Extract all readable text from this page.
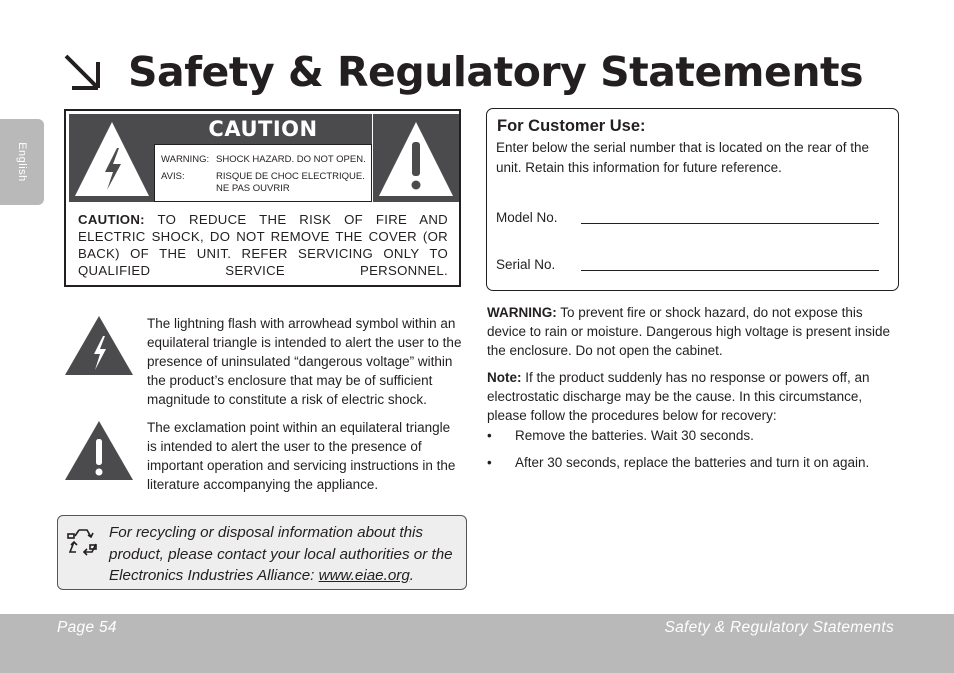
Safety & Regulatory Statements
English
CAUTION
WARNING: SHOCK HAZARD. DO NOT OPEN.
AVIS:	RISQUE DE CHOC ELECTRIQUE.
NE PAS OUVRIR
CAUTION: TO REDUCE THE RISK OF FIRE AND ELECTRIC SHOCK, DO NOT REMOVE THE COVER (OR BACK) OF THE UNIT. REFER SERVICING ONLY TO QUALIFIED SERVICE PERSONNEL.
The lightning flash with arrowhead symbol within an equilateral triangle is intended to alert the user to the presence of uninsulated “dangerous voltage” within the product’s enclosure that may be of sufficient magnitude to constitute a risk of electric shock.
The exclamation point within an equilateral triangle is intended to alert the user to the presence of important operation and servicing instructions in the literature accompanying the appliance.
For recycling or disposal information about this product, please contact your local authorities or the Electronics Industries Alliance: www.eiae.org.
For Customer Use:
Enter below the serial number that is located on the rear of the unit. Retain this information for future reference.
Model No.
Serial No.
WARNING: To prevent fire or shock hazard, do not expose this device to rain or moisture. Dangerous high voltage is present inside the enclosure. Do not open the cabinet.
Note: If the product suddenly has no response or powers off, an electrostatic discharge may be the cause. In this circumstance, please follow the procedures below for recovery:
• Remove the batteries. Wait 30 seconds.
• After 30 seconds, replace the batteries and turn it on again.
Page 54	Safety & Regulatory Statements
